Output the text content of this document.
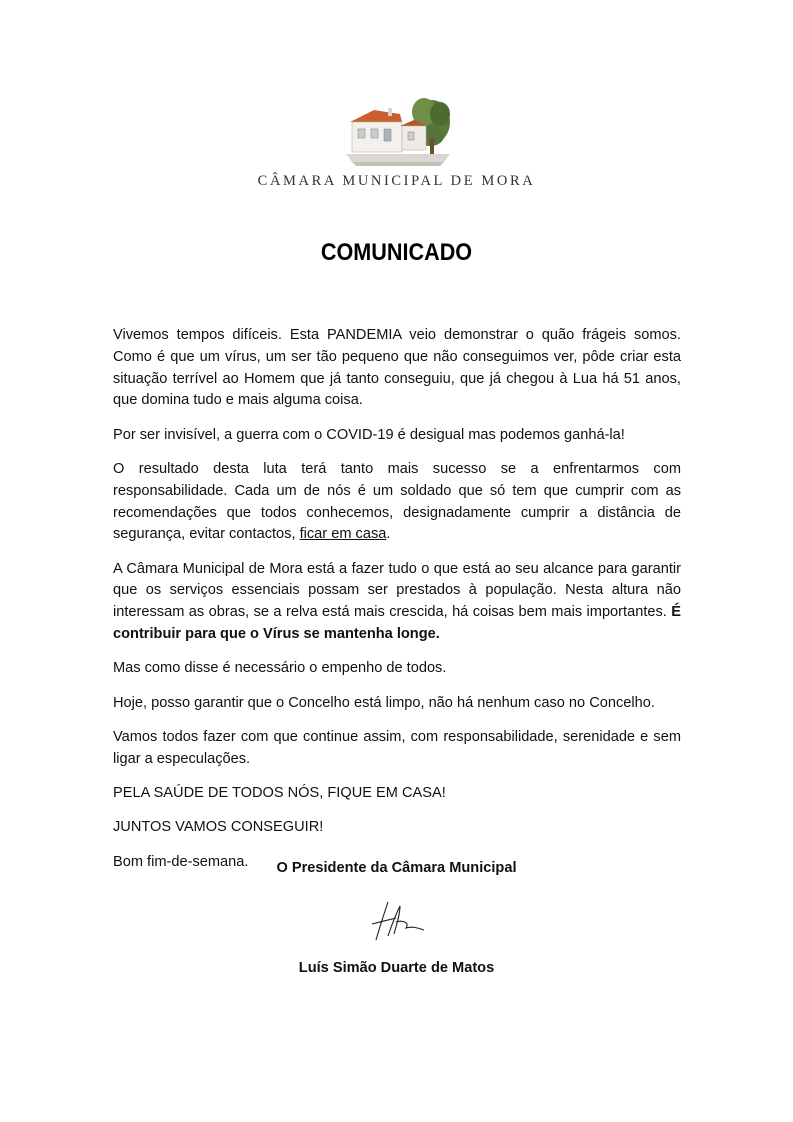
CÂMARA MUNICIPAL DE MORA
COMUNICADO

Vivemos tempos difíceis. Esta PANDEMIA veio demonstrar o quão frágeis somos. Como é que um vírus, um ser tão pequeno que não conseguimos ver, pôde criar esta situação terrível ao Homem que já tanto conseguiu, que já chegou à Lua há 51 anos, que domina tudo e mais alguma coisa.

Por ser invisível, a guerra com o COVID-19 é desigual mas podemos ganhá-la!

O resultado desta luta terá tanto mais sucesso se a enfrentarmos com responsabilidade. Cada um de nós é um soldado que só tem que cumprir com as recomendações que todos conhecemos, designadamente cumprir a distância de segurança, evitar contactos, ficar em casa.

A Câmara Municipal de Mora está a fazer tudo o que está ao seu alcance para garantir que os serviços essenciais possam ser prestados à população. Nesta altura não interessam as obras, se a relva está mais crescida, há coisas bem mais importantes. É contribuir para que o Vírus se mantenha longe.

Mas como disse é necessário o empenho de todos.

Hoje, posso garantir que o Concelho está limpo, não há nenhum caso no Concelho.

Vamos todos fazer com que continue assim, com responsabilidade, serenidade e sem ligar a especulações.

PELA SAÚDE DE TODOS NÓS, FIQUE EM CASA!

JUNTOS VAMOS CONSEGUIR!

Bom fim-de-semana.	O Presidente da Câmara Municipal
Luís Simão Duarte de Matos
